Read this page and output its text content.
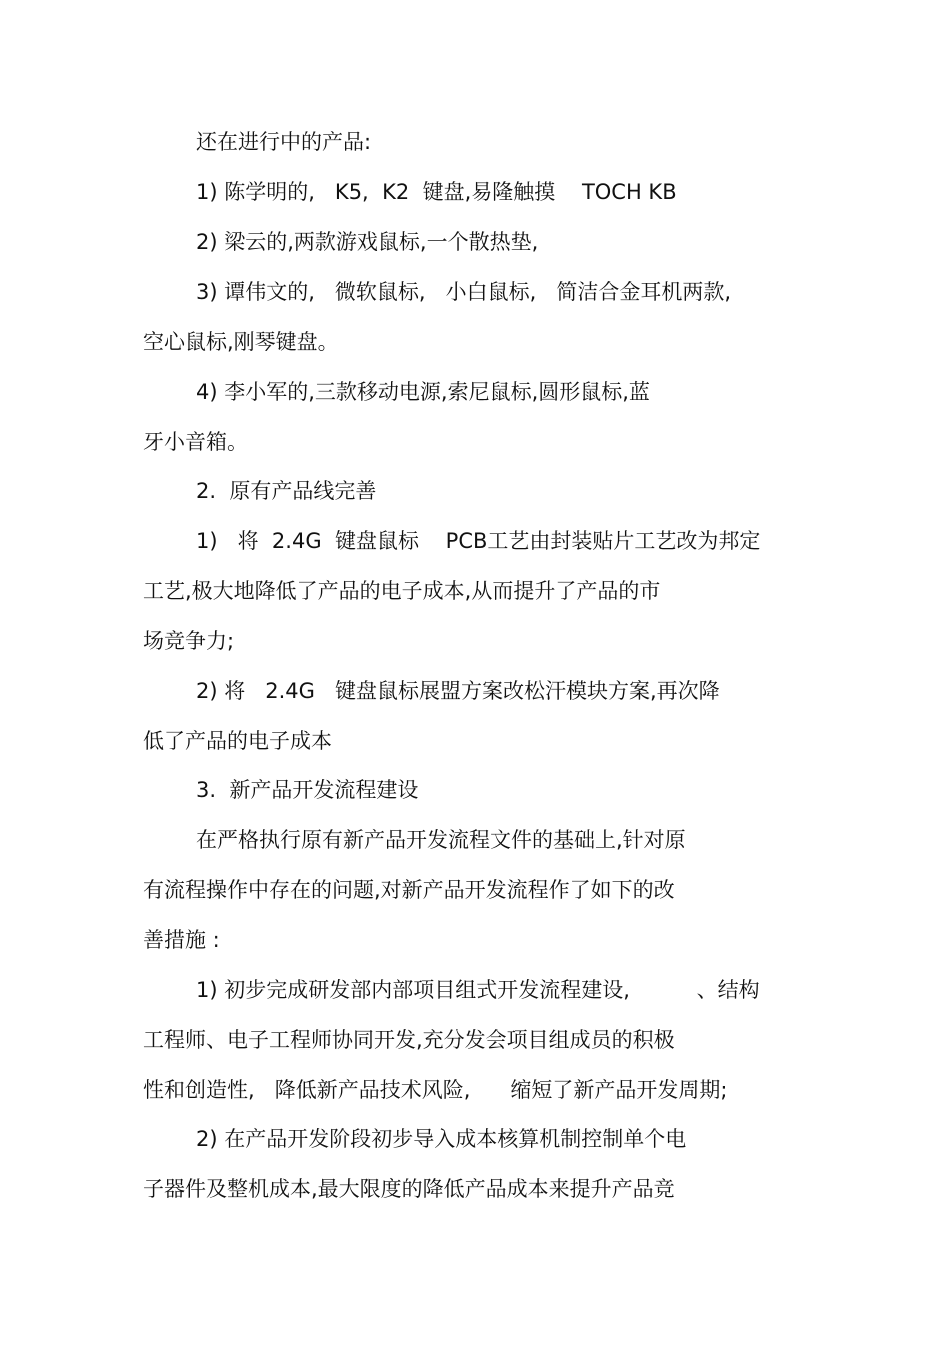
还在进行中的产品:
1) 陈学明的,   K5,  K2  键盘,易隆触摸    TOCH KB
2) 梁云的,两款游戏鼠标,一个散热垫,
3) 谭伟文的,   微软鼠标,   小白鼠标,   简洁合金耳机两款,
空心鼠标,刚琴键盘。
4) 李小军的,三款移动电源,索尼鼠标,圆形鼠标,蓝
牙小音箱。
2.  原有产品线完善
1)   将  2.4G  键盘鼠标    PCB工艺由封装贴片工艺改为邦定
工艺,极大地降低了产品的电子成本,从而提升了产品的市
场竞争力;
2) 将   2.4G   键盘鼠标展盟方案改松汗模块方案,再次降
低了产品的电子成本
3.  新产品开发流程建设
在严格执行原有新产品开发流程文件的基础上,针对原
有流程操作中存在的问题,对新产品开发流程作了如下的改
善措施 :
1) 初步完成研发部内部项目组式开发流程建设,          、结构
工程师、电子工程师协同开发,充分发会项目组成员的积极
性和创造性,   降低新产品技术风险,      缩短了新产品开发周期;
2) 在产品开发阶段初步导入成本核算机制控制单个电
子器件及整机成本,最大限度的降低产品成本来提升产品竞
